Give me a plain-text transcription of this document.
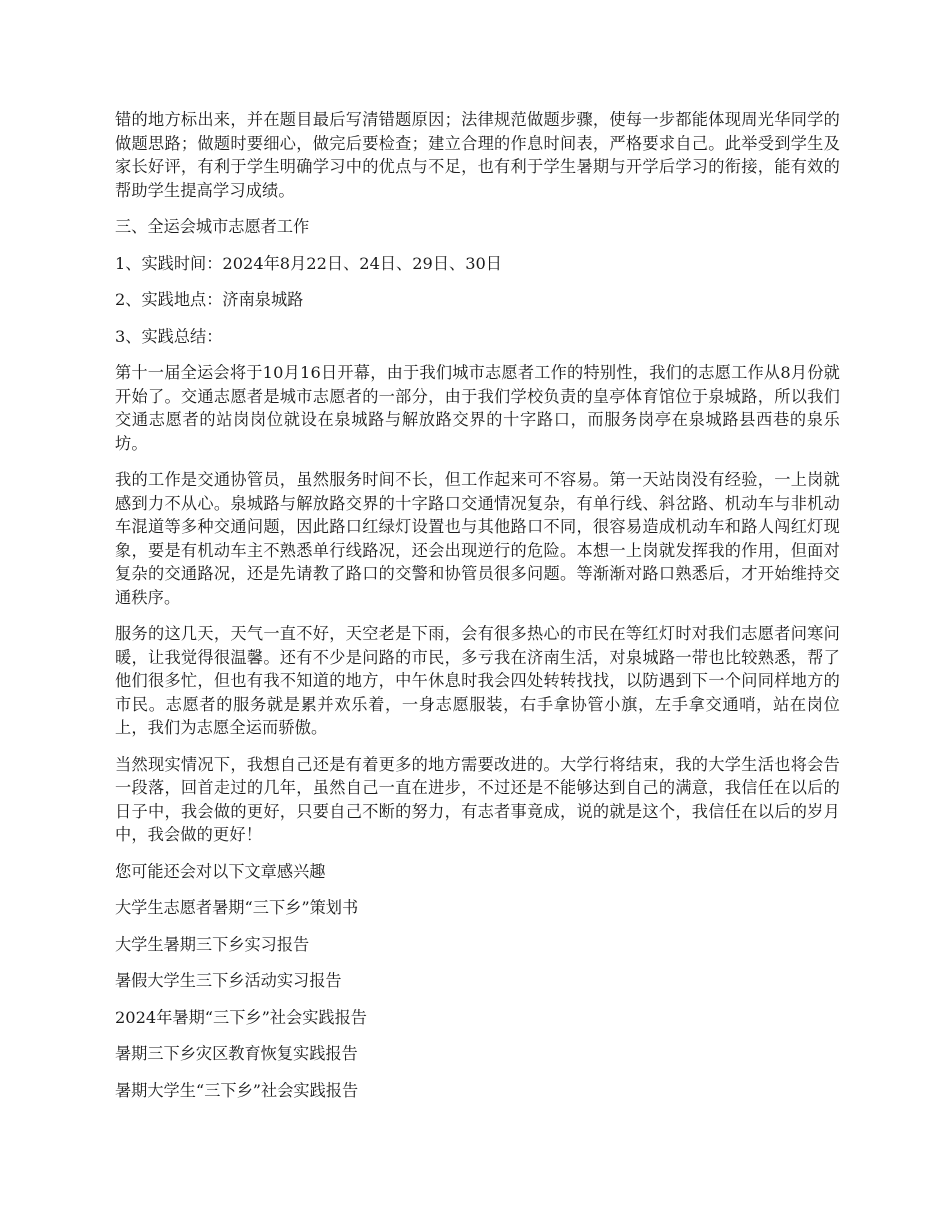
错的地方标出来，并在题目最后写清错题原因；法律规范做题步骤，使每一步都能体现周光华同学的做题思路；做题时要细心，做完后要检查；建立合理的作息时间表，严格要求自己。此举受到学生及家长好评，有利于学生明确学习中的优点与不足，也有利于学生暑期与开学后学习的衔接，能有效的帮助学生提高学习成绩。

三、全运会城市志愿者工作

1、实践时间：2024年8月22日、24日、29日、30日

2、实践地点：济南泉城路

3、实践总结：

第十一届全运会将于10月16日开幕，由于我们城市志愿者工作的特别性，我们的志愿工作从8月份就开始了。交通志愿者是城市志愿者的一部分，由于我们学校负责的皇亭体育馆位于泉城路，所以我们交通志愿者的站岗岗位就设在泉城路与解放路交界的十字路口，而服务岗亭在泉城路县西巷的泉乐坊。

我的工作是交通协管员，虽然服务时间不长，但工作起来可不容易。第一天站岗没有经验，一上岗就感到力不从心。泉城路与解放路交界的十字路口交通情况复杂，有单行线、斜岔路、机动车与非机动车混道等多种交通问题，因此路口红绿灯设置也与其他路口不同，很容易造成机动车和路人闯红灯现象，要是有机动车主不熟悉单行线路况，还会出现逆行的危险。本想一上岗就发挥我的作用，但面对复杂的交通路况，还是先请教了路口的交警和协管员很多问题。等渐渐对路口熟悉后，才开始维持交通秩序。

服务的这几天，天气一直不好，天空老是下雨，会有很多热心的市民在等红灯时对我们志愿者问寒问暖，让我觉得很温馨。还有不少是问路的市民，多亏我在济南生活，对泉城路一带也比较熟悉，帮了他们很多忙，但也有我不知道的地方，中午休息时我会四处转转找找，以防遇到下一个问同样地方的市民。志愿者的服务就是累并欢乐着，一身志愿服装，右手拿协管小旗，左手拿交通哨，站在岗位上，我们为志愿全运而骄傲。

当然现实情况下，我想自己还是有着更多的地方需要改进的。大学行将结束，我的大学生活也将会告一段落，回首走过的几年，虽然自己一直在进步，不过还是不能够达到自己的满意，我信任在以后的日子中，我会做的更好，只要自己不断的努力，有志者事竟成，说的就是这个，我信任在以后的岁月中，我会做的更好！

您可能还会对以下文章感兴趣

大学生志愿者暑期“三下乡”策划书
大学生暑期三下乡实习报告
暑假大学生三下乡活动实习报告
2024年暑期“三下乡”社会实践报告
暑期三下乡灾区教育恢复实践报告
暑期大学生“三下乡”社会实践报告
